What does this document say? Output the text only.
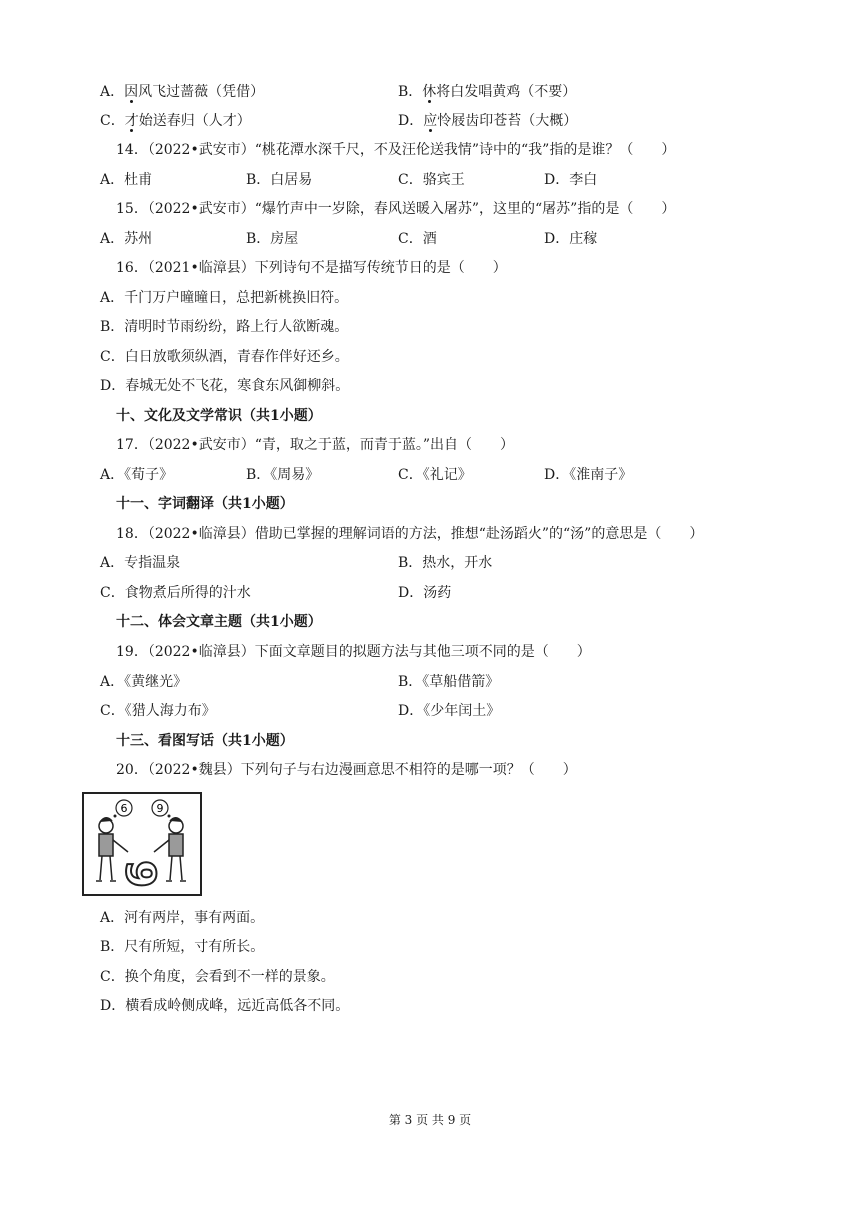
A．因风飞过蔷薇（凭借）	B．休将白发唱黄鸡（不要）
C．才始送春归（人才）	D．应怜屐齿印苍苔（大概）
14．（2022•武安市）“桃花潭水深千尺，不及汪伦送我情”诗中的“我”指的是谁？（　　）
A．杜甫	B．白居易	C．骆宾王	D．李白
15．（2022•武安市）“爆竹声中一岁除，春风送暖入屠苏”，这里的“屠苏”指的是（　　）
A．苏州	B．房屋	C．酒	D．庄稼
16．（2021•临漳县）下列诗句不是描写传统节日的是（　　）
A．千门万户曈曈日，总把新桃换旧符。
B．清明时节雨纷纷，路上行人欲断魂。
C．白日放歌须纵酒，青春作伴好还乡。
D．春城无处不飞花，寒食东风御柳斜。
十、文化及文学常识（共1小题）
17．（2022•武安市）“青，取之于蓝，而青于蓝。”出自（　　）
A．《荀子》	B．《周易》	C．《礼记》	D．《淮南子》
十一、字词翻译（共1小题）
18．（2022•临漳县）借助已掌握的理解词语的方法，推想“赴汤蹈火”的“汤”的意思是（　　）
A．专指温泉	B．热水，开水
C．食物煮后所得的汁水	D．汤药
十二、体会文章主题（共1小题）
19．（2022•临漳县）下面文章题目的拟题方法与其他三项不同的是（　　）
A．《黄继光》	B．《草船借箭》
C．《猎人海力布》	D．《少年闰土》
十三、看图写话（共1小题）
20．（2022•魏县）下列句子与右边漫画意思不相符的是哪一项？（　　）
6	9
6
A．河有两岸，事有两面。
B．尺有所短，寸有所长。
C．换个角度，会看到不一样的景象。
D．横看成岭侧成峰，远近高低各不同。
第 3 页 共 9 页
